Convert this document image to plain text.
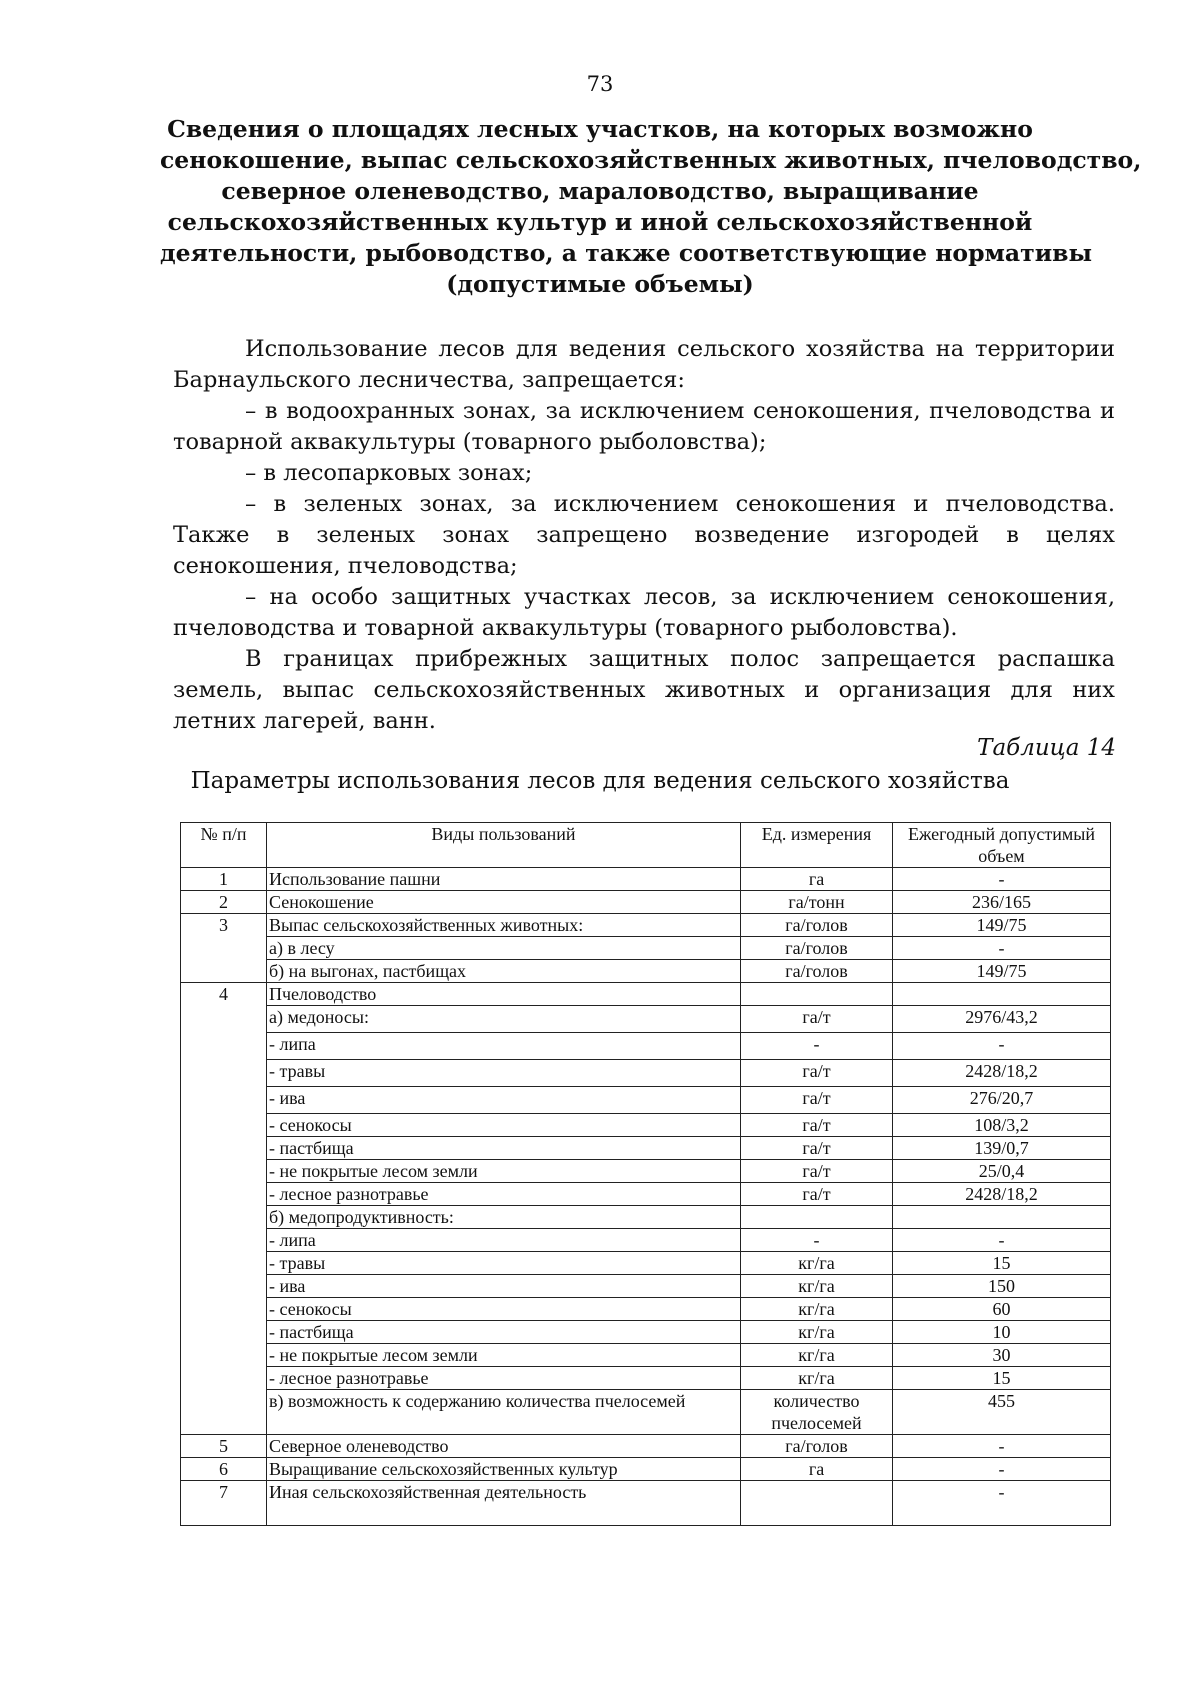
73
Сведения о площадях лесных участков, на которых возможно
сенокошение, выпас сельскохозяйственных животных, пчеловодство,
северное оленеводство, мараловодство, выращивание
сельскохозяйственных культур и иной сельскохозяйственной
деятельности, рыбоводство, а также соответствующие нормативы
(допустимые объемы)

Использование лесов для ведения сельского хозяйства на территории Барнаульского лесничества, запрещается:

– в водоохранных зонах, за исключением сенокошения, пчеловодства и товарной аквакультуры (товарного рыболовства);

– в лесопарковых зонах;

– в зеленых зонах, за исключением сенокошения и пчеловодства. Также в зеленых зонах запрещено возведение изгородей в целях сенокошения, пчеловодства;

– на особо защитных участках лесов, за исключением сенокошения, пчеловодства и товарной аквакультуры (товарного рыболовства).

В границах прибрежных защитных полос запрещается распашка земель, выпас сельскохозяйственных животных и организация для них летних лагерей, ванн.

Таблица 14
Параметры использования лесов для ведения сельского хозяйства
№ п/п	Виды пользований	Ед. измерения	Ежегодный допустимый объем
1	Использование пашни	га	-
2	Сенокошение	га/тонн	236/165
3	Выпас сельскохозяйственных животных:	га/голов	149/75
	а) в лесу	га/голов	-
	б) на выгонах, пастбищах	га/голов	149/75
4	Пчеловодство		
	а) медоносы:	га/т	2976/43,2
	- липа	-	-
	- травы	га/т	2428/18,2
	- ива	га/т	276/20,7
	- сенокосы	га/т	108/3,2
	- пастбища	га/т	139/0,7
	- не покрытые лесом земли	га/т	25/0,4
	- лесное разнотравье	га/т	2428/18,2
	б) медопродуктивность:		
	- липа	-	-
	- травы	кг/га	15
	- ива	кг/га	150
	- сенокосы	кг/га	60
	- пастбища	кг/га	10
	- не покрытые лесом земли	кг/га	30
	- лесное разнотравье	кг/га	15
	в) возможность к содержанию количества пчелосемей	количество пчелосемей	455
5	Северное оленеводство	га/голов	-
6	Выращивание сельскохозяйственных культур	га	-
7	Иная сельскохозяйственная деятельность		-
